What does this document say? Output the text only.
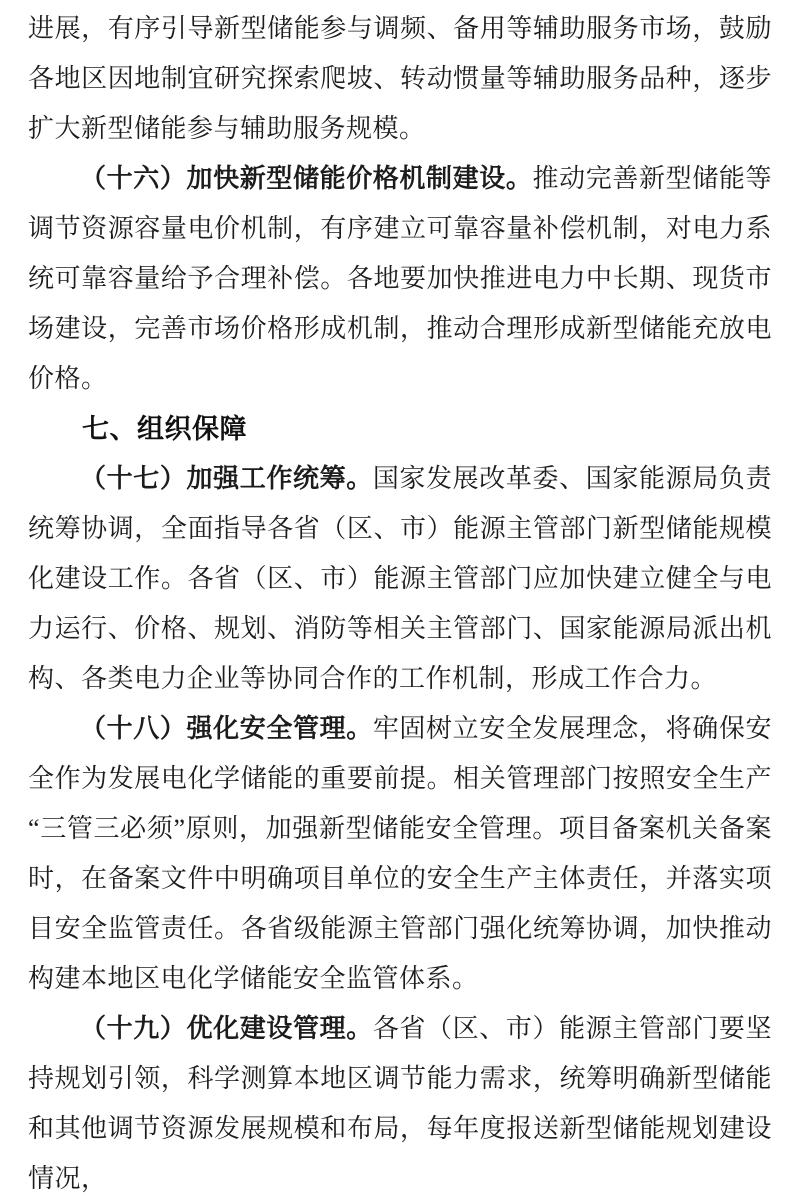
进展，有序引导新型储能参与调频、备用等辅助服务市场，鼓励各地区因地制宜研究探索爬坡、转动惯量等辅助服务品种，逐步扩大新型储能参与辅助服务规模。

（十六）加快新型储能价格机制建设。推动完善新型储能等调节资源容量电价机制，有序建立可靠容量补偿机制，对电力系统可靠容量给予合理补偿。各地要加快推进电力中长期、现货市场建设，完善市场价格形成机制，推动合理形成新型储能充放电价格。

七、组织保障

（十七）加强工作统筹。国家发展改革委、国家能源局负责统筹协调，全面指导各省（区、市）能源主管部门新型储能规模化建设工作。各省（区、市）能源主管部门应加快建立健全与电力运行、价格、规划、消防等相关主管部门、国家能源局派出机构、各类电力企业等协同合作的工作机制，形成工作合力。

（十八）强化安全管理。牢固树立安全发展理念，将确保安全作为发展电化学储能的重要前提。相关管理部门按照安全生产“三管三必须”原则，加强新型储能安全管理。项目备案机关备案时，在备案文件中明确项目单位的安全生产主体责任，并落实项目安全监管责任。各省级能源主管部门强化统筹协调，加快推动构建本地区电化学储能安全监管体系。

（十九）优化建设管理。各省（区、市）能源主管部门要坚持规划引领，科学测算本地区调节能力需求，统筹明确新型储能和其他调节资源发展规模和布局，每年度报送新型储能规划建设情况，
